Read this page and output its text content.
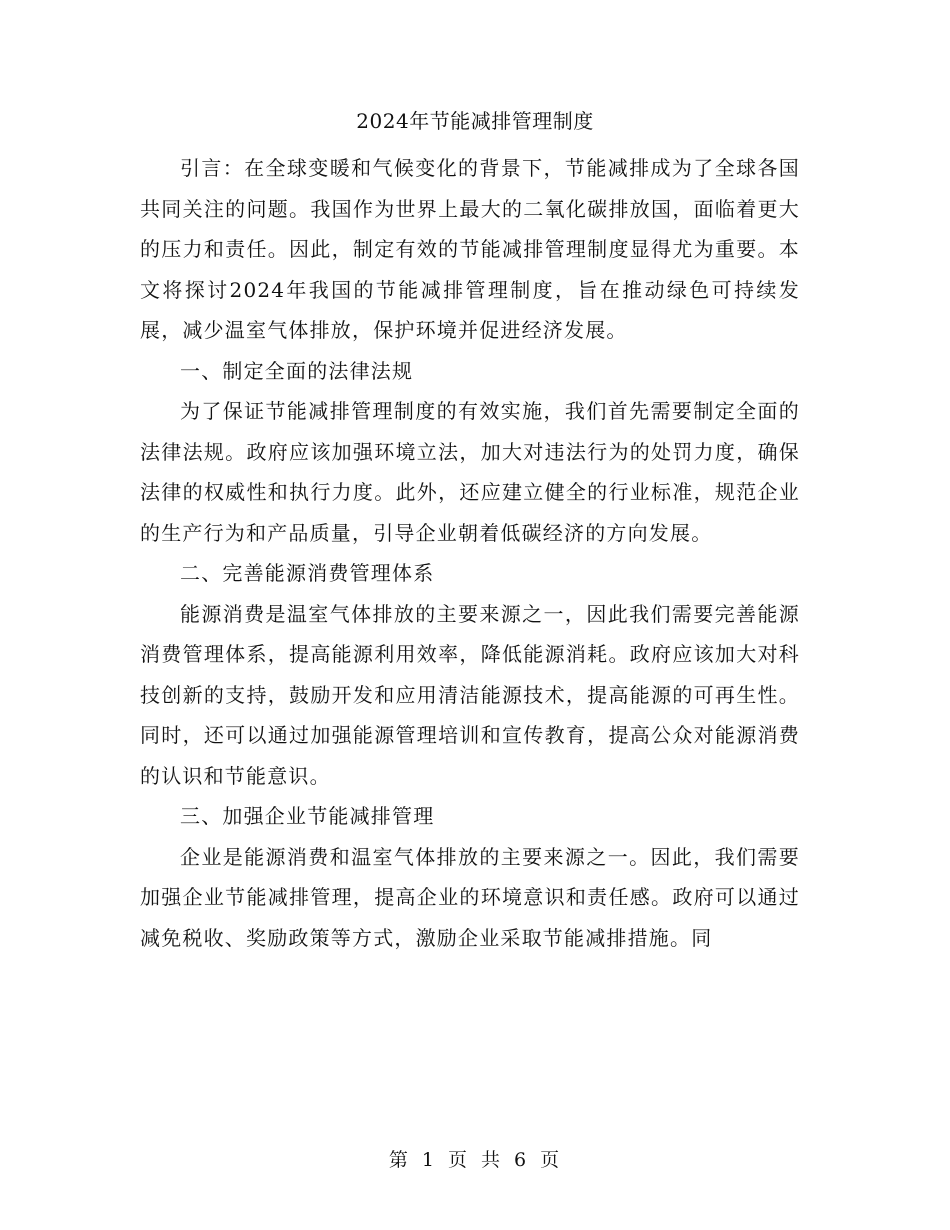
2024年节能减排管理制度

引言：在全球变暖和气候变化的背景下，节能减排成为了全球各国共同关注的问题。我国作为世界上最大的二氧化碳排放国，面临着更大的压力和责任。因此，制定有效的节能减排管理制度显得尤为重要。本文将探讨2024年我国的节能减排管理制度，旨在推动绿色可持续发展，减少温室气体排放，保护环境并促进经济发展。

一、制定全面的法律法规

为了保证节能减排管理制度的有效实施，我们首先需要制定全面的法律法规。政府应该加强环境立法，加大对违法行为的处罚力度，确保法律的权威性和执行力度。此外，还应建立健全的行业标准，规范企业的生产行为和产品质量，引导企业朝着低碳经济的方向发展。

二、完善能源消费管理体系

能源消费是温室气体排放的主要来源之一，因此我们需要完善能源消费管理体系，提高能源利用效率，降低能源消耗。政府应该加大对科技创新的支持，鼓励开发和应用清洁能源技术，提高能源的可再生性。同时，还可以通过加强能源管理培训和宣传教育，提高公众对能源消费的认识和节能意识。

三、加强企业节能减排管理

企业是能源消费和温室气体排放的主要来源之一。因此，我们需要加强企业节能减排管理，提高企业的环境意识和责任感。政府可以通过减免税收、奖励政策等方式，激励企业采取节能减排措施。同

第 1 页 共 6 页
